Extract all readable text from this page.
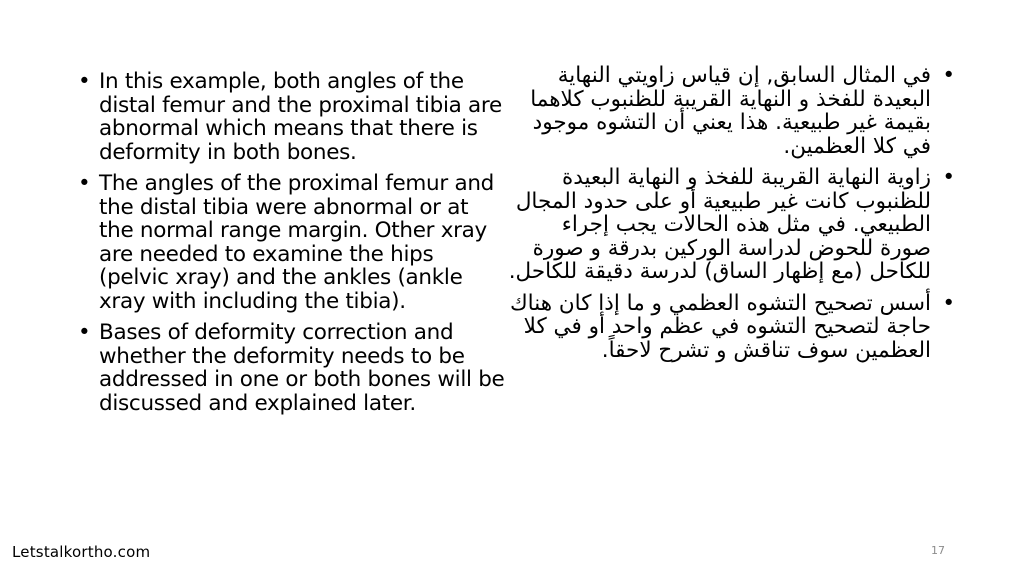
• In this example, both angles of the distal femur and the proximal tibia are abnormal which means that there is deformity in both bones.
• The angles of the proximal femur and the distal tibia were abnormal or at the normal range margin. Other xray are needed to examine the hips (pelvic xray) and the ankles (ankle xray with including the tibia).
• Bases of deformity correction and whether the deformity needs to be addressed in one or both bones will be discussed and explained later.
•
في المثال السابق, إن قياس زاويتي النهاية البعيدة للفخذ و النهاية القريبة للظنبوب كلاهما بقيمة غير طبيعية. هذا يعني أن التشوه موجود في كلا العظمين.
•
زاوية النهاية القريبة للفخذ و النهاية البعيدة للظنبوب كانت غير طبيعية أو على حدود المجال الطبيعي. في مثل هذه الحالات يجب إجراء صورة للحوض لدراسة الوركين بدرقة و صورة للكاحل (مع إظهار الساق) لدرسة دقيقة للكاحل.
•
أسس تصحيح التشوه العظمي و ما إذا كان هناك حاجة لتصحيح التشوه في عظم واحد أو في كلا العظمين سوف تناقش و تشرح لاحقاً.
Letstalkortho.com	17
